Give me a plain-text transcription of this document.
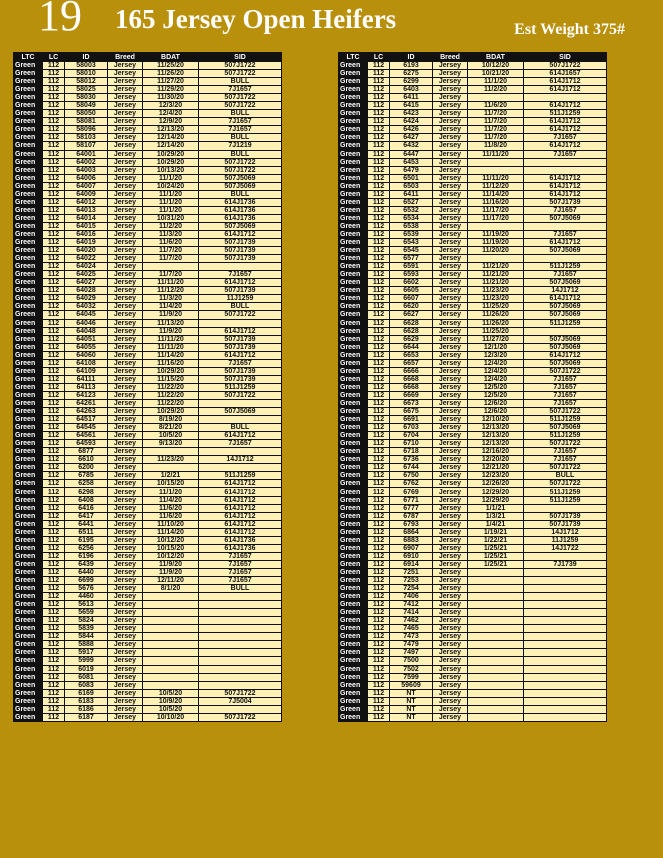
19 165 Jersey Open Heifers	Est Weight 375#
LTC	LC	ID	Breed	BDAT	SID
Green	112	58003	Jersey	11/25/20	507J1722
Green	112	58010	Jersey	11/26/20	507J1722
Green	112	58012	Jersey	11/27/20	BULL
Green	112	58025	Jersey	11/29/20	7J1657
Green	112	58030	Jersey	11/30/20	507J1722
Green	112	58049	Jersey	12/3/20	507J1722
Green	112	58050	Jersey	12/4/20	BULL
Green	112	58081	Jersey	12/9/20	7J1657
Green	112	58096	Jersey	12/13/20	7J1657
Green	112	58103	Jersey	12/14/20	BULL
Green	112	58107	Jersey	12/14/20	7J1219
Green	112	64001	Jersey	10/29/20	BULL
Green	112	64002	Jersey	10/29/20	507J1722
Green	112	64003	Jersey	10/13/20	507J1722
Green	112	64006	Jersey	11/1/20	507J5069
Green	112	64007	Jersey	10/24/20	507J5069
Green	112	64009	Jersey	11/1/20	BULL
Green	112	64012	Jersey	11/1/20	614J1736
Green	112	64013	Jersey	11/1/20	614J1736
Green	112	64014	Jersey	10/31/20	614J1736
Green	112	64015	Jersey	11/2/20	507J5069
Green	112	64016	Jersey	11/3/20	614J1712
Green	112	64019	Jersey	11/6/20	507J1739
Green	112	64020	Jersey	11/7/20	507J1739
Green	112	64022	Jersey	11/7/20	507J1739
Green	112	64024	Jersey		
Green	112	64025	Jersey	11/7/20	7J1657
Green	112	64027	Jersey	11/11/20	614J1712
Green	112	64028	Jersey	11/12/20	507J1739
Green	112	64029	Jersey	11/3/20	11J1259
Green	112	64032	Jersey	11/4/20	BULL
Green	112	64045	Jersey	11/9/20	507J1722
Green	112	64046	Jersey	11/13/20	
Green	112	64048	Jersey	11/9/20	614J1712
Green	112	64051	Jersey	11/11/20	507J1739
Green	112	64055	Jersey	11/11/20	507J1739
Green	112	64060	Jersey	11/14/20	614J1712
Green	112	64108	Jersey	11/16/20	7J1657
Green	112	64109	Jersey	10/29/20	507J1739
Green	112	64111	Jersey	11/15/20	507J1739
Green	112	64113	Jersey	11/22/20	511J1259
Green	112	64123	Jersey	11/22/20	507J1722
Green	112	64261	Jersey	11/22/20	
Green	112	64263	Jersey	10/29/20	507J5069
Green	112	64517	Jersey	8/19/20	
Green	112	64545	Jersey	8/21/20	BULL
Green	112	64561	Jersey	10/5/20	614J1712
Green	112	64593	Jersey	9/13/20	7J1657
Green	112	6877	Jersey		
Green	112	6610	Jersey	11/23/20	14J1712
Green	112	6200	Jersey		
Green	112	6785	Jersey	1/2/21	511J1259
Green	112	6258	Jersey	10/15/20	614J1712
Green	112	6298	Jersey	11/1/20	614J1712
Green	112	6408	Jersey	11/4/20	614J1712
Green	112	6416	Jersey	11/6/20	614J1712
Green	112	6417	Jersey	11/6/20	614J1712
Green	112	6441	Jersey	11/10/20	614J1712
Green	112	6511	Jersey	11/14/20	614J1712
Green	112	6195	Jersey	10/12/20	614J1736
Green	112	6256	Jersey	10/15/20	614J1736
Green	112	6196	Jersey	10/12/20	7J1657
Green	112	6439	Jersey	11/9/20	7J1657
Green	112	6440	Jersey	11/9/20	7J1657
Green	112	6699	Jersey	12/11/20	7J1657
Green	112	5676	Jersey	8/1/20	BULL
Green	112	4460	Jersey		
Green	112	5613	Jersey		
Green	112	5659	Jersey		
Green	112	5824	Jersey		
Green	112	5839	Jersey		
Green	112	5844	Jersey		
Green	112	5888	Jersey		
Green	112	5917	Jersey		
Green	112	5999	Jersey		
Green	112	6019	Jersey		
Green	112	6081	Jersey		
Green	112	6083	Jersey		
Green	112	6169	Jersey	10/5/20	507J1722
Green	112	6183	Jersey	10/9/20	7J5004
Green	112	6186	Jersey	10/5/20	
Green	112	6187	Jersey	10/10/20	507J1722
LTC	LC	ID	Breed	BDAT	SID
Green	112	6193	Jersey	10/12/20	507J1722
Green	112	6275	Jersey	10/21/20	614J1657
Green	112	6299	Jersey	11/1/20	614J1712
Green	112	6403	Jersey	11/2/20	614J1712
Green	112	6411	Jersey		
Green	112	6415	Jersey	11/6/20	614J1712
Green	112	6423	Jersey	11/7/20	511J1259
Green	112	6424	Jersey	11/7/20	614J1712
Green	112	6426	Jersey	11/7/20	614J1712
Green	112	6427	Jersey	11/7/20	7J1657
Green	112	6432	Jersey	11/8/20	614J1712
Green	112	6447	Jersey	11/11/20	7J1657
Green	112	6453	Jersey		
Green	112	6479	Jersey		
Green	112	6501	Jersey	11/11/20	614J1712
Green	112	6503	Jersey	11/12/20	614J1712
Green	112	6411	Jersey	11/14/20	614J1712
Green	112	6527	Jersey	11/16/20	507J1739
Green	112	6532	Jersey	11/17/20	7J1657
Green	112	6534	Jersey	11/17/20	507J5069
Green	112	6538	Jersey		
Green	112	6539	Jersey	11/19/20	7J1657
Green	112	6543	Jersey	11/19/20	614J1712
Green	112	6545	Jersey	11/20/20	507J5069
Green	112	6577	Jersey		
Green	112	6591	Jersey	11/21/20	511J1259
Green	112	6593	Jersey	11/21/20	7J1657
Green	112	6602	Jersey	11/21/20	507J5069
Green	112	6605	Jersey	11/23/20	14J1712
Green	112	6607	Jersey	11/23/20	614J1712
Green	112	6620	Jersey	11/25/20	507J5069
Green	112	6627	Jersey	11/26/20	507J5069
Green	112	6628	Jersey	11/26/20	511J1259
Green	112	6628	Jersey	11/25/20	
Green	112	6629	Jersey	11/27/20	507J5069
Green	112	6644	Jersey	12/1/20	507J5069
Green	112	6653	Jersey	12/3/20	614J1712
Green	112	6657	Jersey	12/4/20	507J5069
Green	112	6666	Jersey	12/4/20	507J1722
Green	112	6668	Jersey	12/4/20	7J1657
Green	112	6668	Jersey	12/5/20	7J1657
Green	112	6669	Jersey	12/5/20	7J1657
Green	112	6673	Jersey	12/6/20	7J1657
Green	112	6675	Jersey	12/6/20	507J1722
Green	112	6691	Jersey	12/10/20	511J1259
Green	112	6703	Jersey	12/13/20	507J5069
Green	112	6704	Jersey	12/13/20	511J1259
Green	112	6710	Jersey	12/13/20	507J1722
Green	112	6718	Jersey	12/16/20	7J1657
Green	112	6736	Jersey	12/20/20	7J1657
Green	112	6744	Jersey	12/21/20	507J1722
Green	112	6750	Jersey	12/23/20	BULL
Green	112	6762	Jersey	12/26/20	507J1722
Green	112	6769	Jersey	12/29/20	511J1259
Green	112	6771	Jersey	12/29/20	511J1259
Green	112	6777	Jersey	1/1/21	
Green	112	6787	Jersey	1/3/21	507J1739
Green	112	6793	Jersey	1/4/21	507J1739
Green	112	6864	Jersey	1/19/21	14J1712
Green	112	6883	Jersey	1/22/21	11J1259
Green	112	6907	Jersey	1/25/21	14J1722
Green	112	6910	Jersey	1/25/21	
Green	112	6914	Jersey	1/25/21	7J1739
Green	112	7251	Jersey		
Green	112	7253	Jersey		
Green	112	7254	Jersey		
Green	112	7406	Jersey		
Green	112	7412	Jersey		
Green	112	7414	Jersey		
Green	112	7462	Jersey		
Green	112	7465	Jersey		
Green	112	7473	Jersey		
Green	112	7479	Jersey		
Green	112	7497	Jersey		
Green	112	7500	Jersey		
Green	112	7502	Jersey		
Green	112	7599	Jersey		
Green	112	59609	Jersey		
Green	112	NT	Jersey		
Green	112	NT	Jersey		
Green	112	NT	Jersey		
Green	112	NT	Jersey		
